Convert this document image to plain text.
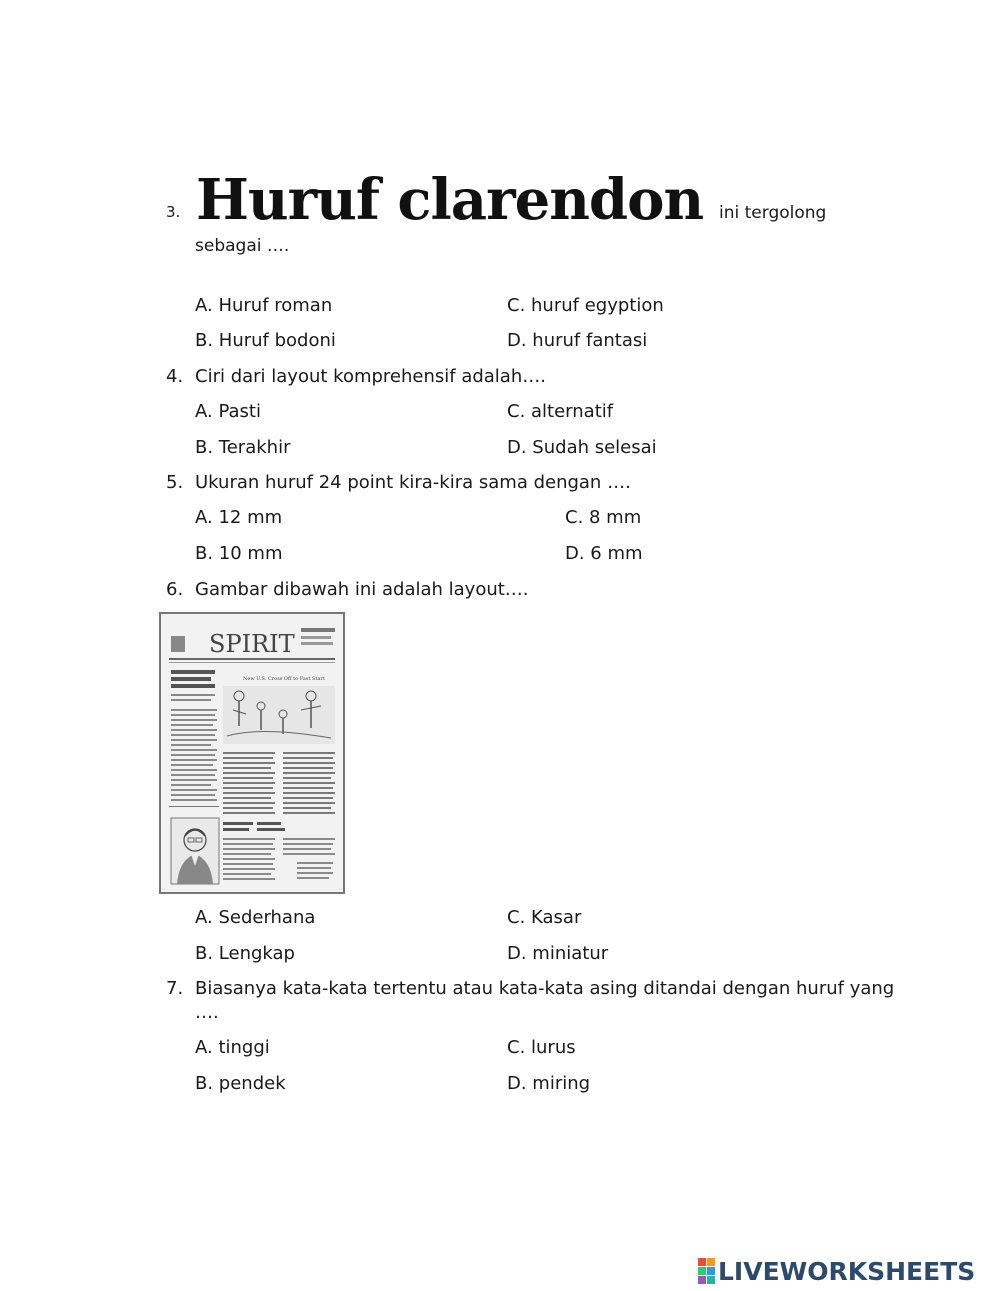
3. Huruf clarendon ini tergolong
sebagai ….
A. Huruf roman	C. huruf egyption
B. Huruf bodoni	D. huruf fantasi
4. Ciri dari layout komprehensif adalah….
A. Pasti	C. alternatif
B. Terakhir	D. Sudah selesai
5. Ukuran huruf 24 point kira-kira sama dengan ….
A. 12 mm	C. 8 mm
B. 10 mm	D. 6 mm
6. Gambar dibawah ini adalah layout….
SPIRIT
New U.S. Cross Off to Fast Start
A. Sederhana	C. Kasar
B. Lengkap	D. miniatur
7. Biasanya kata-kata tertentu atau kata-kata asing ditandai dengan huruf yang
….
A. tinggi	C. lurus
B. pendek	D. miring
LIVEWORKSHEETS
